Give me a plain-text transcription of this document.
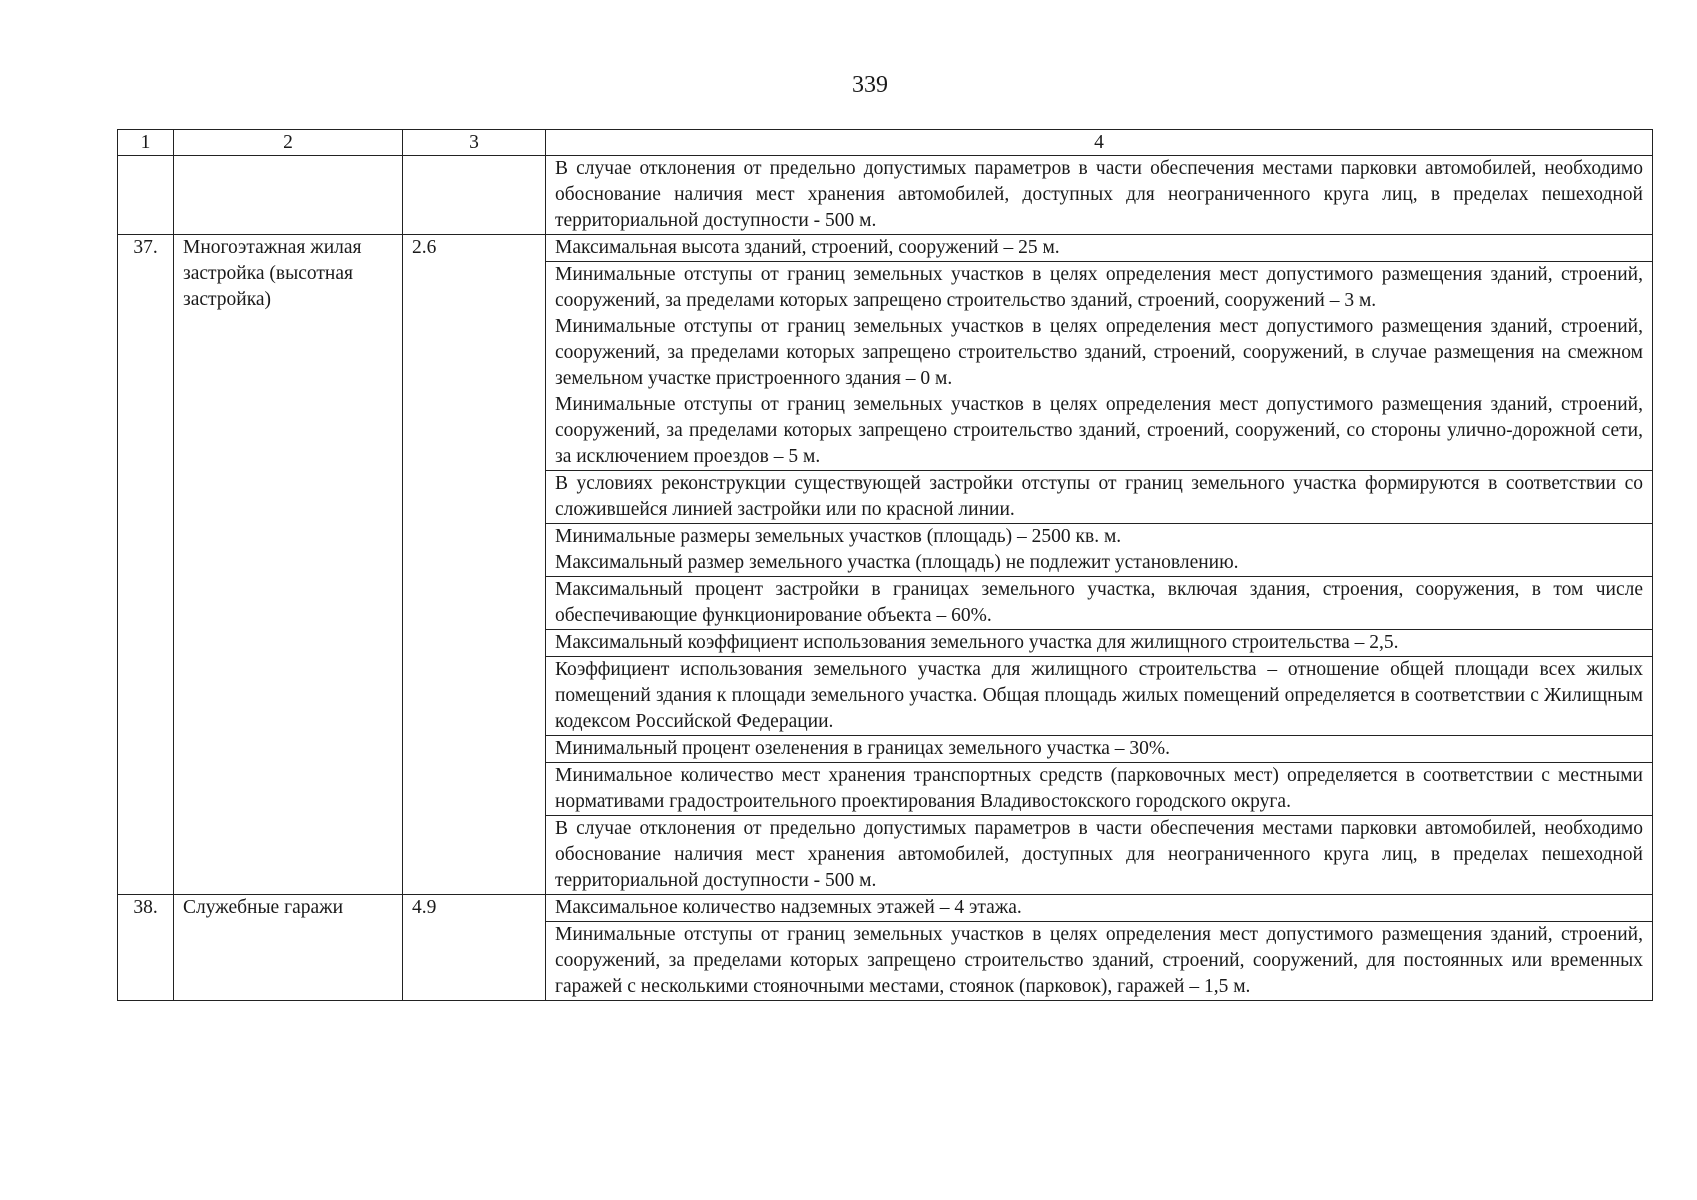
339
1	2	3	4
			В случае отклонения от предельно допустимых параметров в части обеспечения местами парковки автомобилей, необходимо обоснование наличия мест хранения автомобилей, доступных для неограниченного круга лиц, в пределах пешеходной территориальной доступности - 500 м.
37.	Многоэтажная жилая застройка (высотная застройка)	2.6	Максимальная высота зданий, строений, сооружений – 25 м.

			Минимальные отступы от границ земельных участков в целях определения мест допустимого размещения зданий, строений, сооружений, за пределами которых запрещено строительство зданий, строений, сооружений – 3 м.
Минимальные отступы от границ земельных участков в целях определения мест допустимого размещения зданий, строений, сооружений, за пределами которых запрещено строительство зданий, строений, сооружений, в случае размещения на смежном земельном участке пристроенного здания – 0 м.
Минимальные отступы от границ земельных участков в целях определения мест допустимого размещения зданий, строений, сооружений, за пределами которых запрещено строительство зданий, строений, сооружений, со стороны улично-дорожной сети, за исключением проездов – 5 м.

			В условиях реконструкции существующей застройки отступы от границ земельного участка формируются в соответствии со сложившейся линией застройки или по красной линии.

			Минимальные размеры земельных участков (площадь) – 2500 кв. м.
Максимальный размер земельного участка (площадь) не подлежит установлению.

			Максимальный процент застройки в границах земельного участка, включая здания, строения, сооружения, в том числе обеспечивающие функционирование объекта – 60%.

			Максимальный коэффициент использования земельного участка для жилищного строительства – 2,5.

			Коэффициент использования земельного участка для жилищного строительства – отношение общей площади всех жилых помещений здания к площади земельного участка. Общая площадь жилых помещений определяется в соответствии с Жилищным кодексом Российской Федерации.

			Минимальный процент озеленения в границах земельного участка – 30%.

			Минимальное количество мест хранения транспортных средств (парковочных мест) определяется в соответствии с местными нормативами градостроительного проектирования Владивостокского городского округа.

			В случае отклонения от предельно допустимых параметров в части обеспечения местами парковки автомобилей, необходимо обоснование наличия мест хранения автомобилей, доступных для неограниченного круга лиц, в пределах пешеходной территориальной доступности - 500 м.

38.	Служебные гаражи	4.9	Максимальное количество надземных этажей – 4 этажа.

			Минимальные отступы от границ земельных участков в целях определения мест допустимого размещения зданий, строений, сооружений, за пределами которых запрещено строительство зданий, строений, сооружений, для постоянных или временных гаражей с несколькими стояночными местами, стоянок (парковок), гаражей – 1,5 м.
